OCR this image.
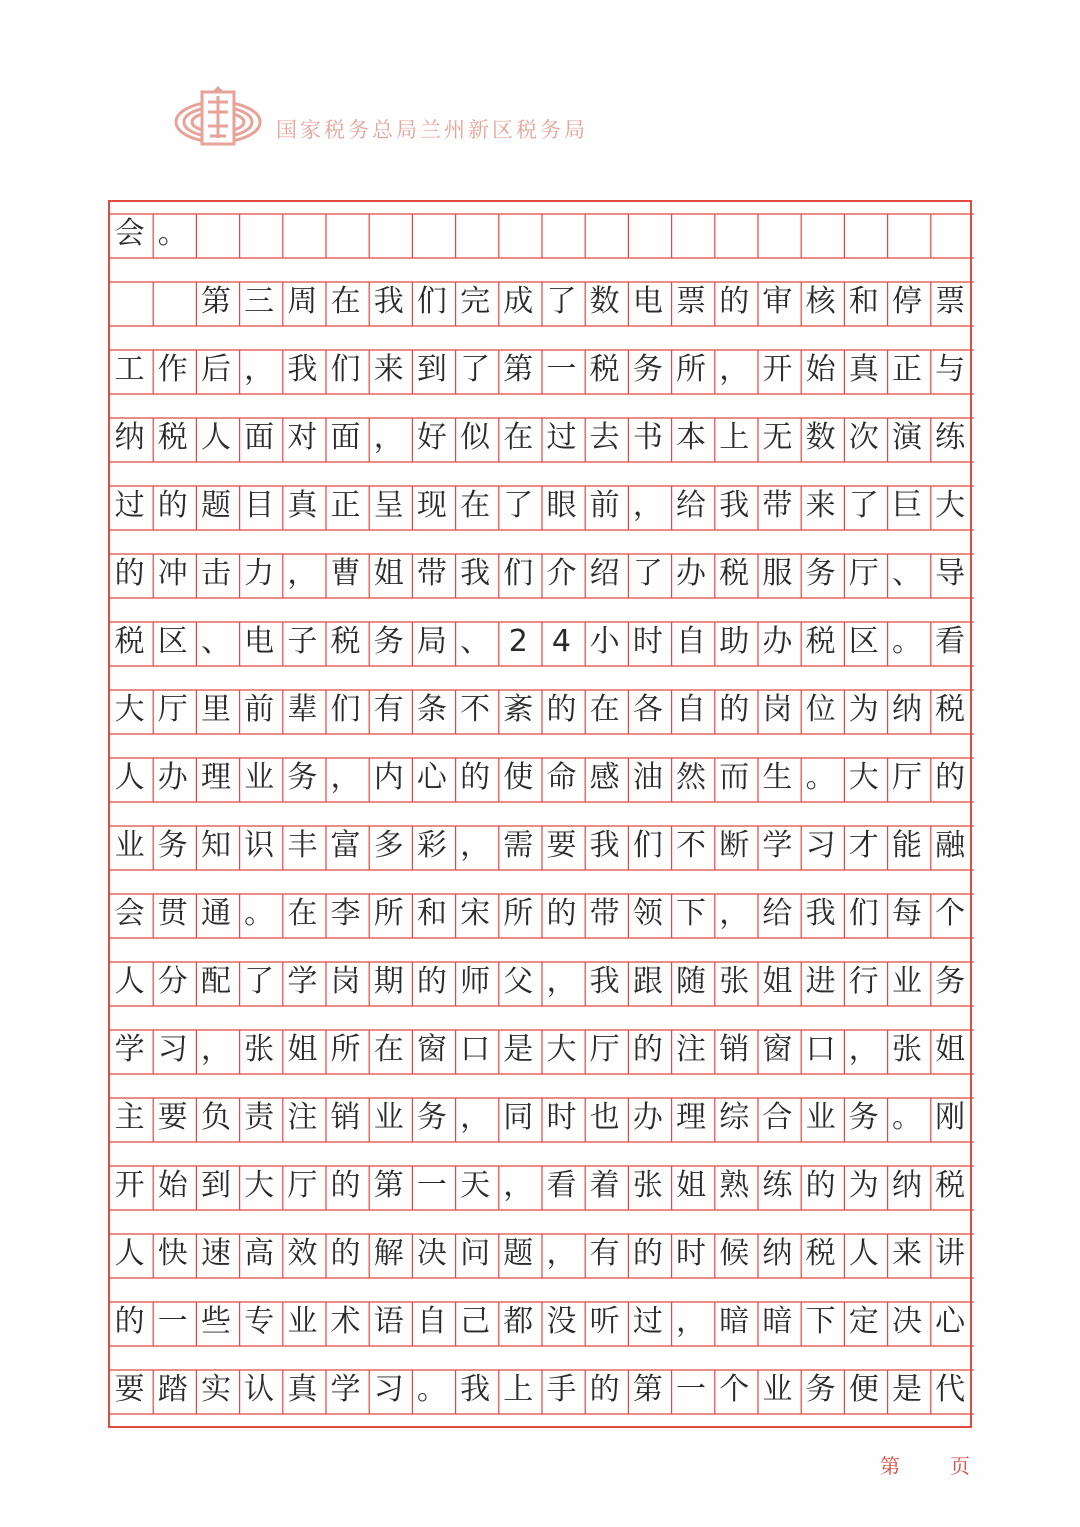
国家税务总局兰州新区税务局
会 。
第 三 周 在 我 们 完 成 了 数 电 票 的 审 核 和 停 票
工 作 后 ， 我 们 来 到 了 第 一 税 务 所 ， 开 始 真 正 与
纳 税 人 面 对 面 ， 好 似 在 过 去 书 本 上 无 数 次 演 练
过 的 题 目 真 正 呈 现 在 了 眼 前 ， 给 我 带 来 了 巨 大
的 冲 击 力 ， 曹 姐 带 我 们 介 绍 了 办 税 服 务 厅 、 导
税 区 、 电 子 税 务 局 、 2 4 小 时 自 助 办 税 区 。 看
大 厅 里 前 辈 们 有 条 不 紊 的 在 各 自 的 岗 位 为 纳 税
人 办 理 业 务 ， 内 心 的 使 命 感 油 然 而 生 。 大 厅 的
业 务 知 识 丰 富 多 彩 ， 需 要 我 们 不 断 学 习 才 能 融
会 贯 通 。 在 李 所 和 宋 所 的 带 领 下 ， 给 我 们 每 个
人 分 配 了 学 岗 期 的 师 父 ， 我 跟 随 张 姐 进 行 业 务
学 习 ， 张 姐 所 在 窗 口 是 大 厅 的 注 销 窗 口 ， 张 姐
主 要 负 责 注 销 业 务 ， 同 时 也 办 理 综 合 业 务 。 刚
开 始 到 大 厅 的 第 一 天 ， 看 着 张 姐 熟 练 的 为 纳 税
人 快 速 高 效 的 解 决 问 题 ， 有 的 时 候 纳 税 人 来 讲
的 一 些 专 业 术 语 自 己 都 没 听 过 ， 暗 暗 下 定 决 心
要 踏 实 认 真 学 习 。 我 上 手 的 第 一 个 业 务 便 是 代
第	页
